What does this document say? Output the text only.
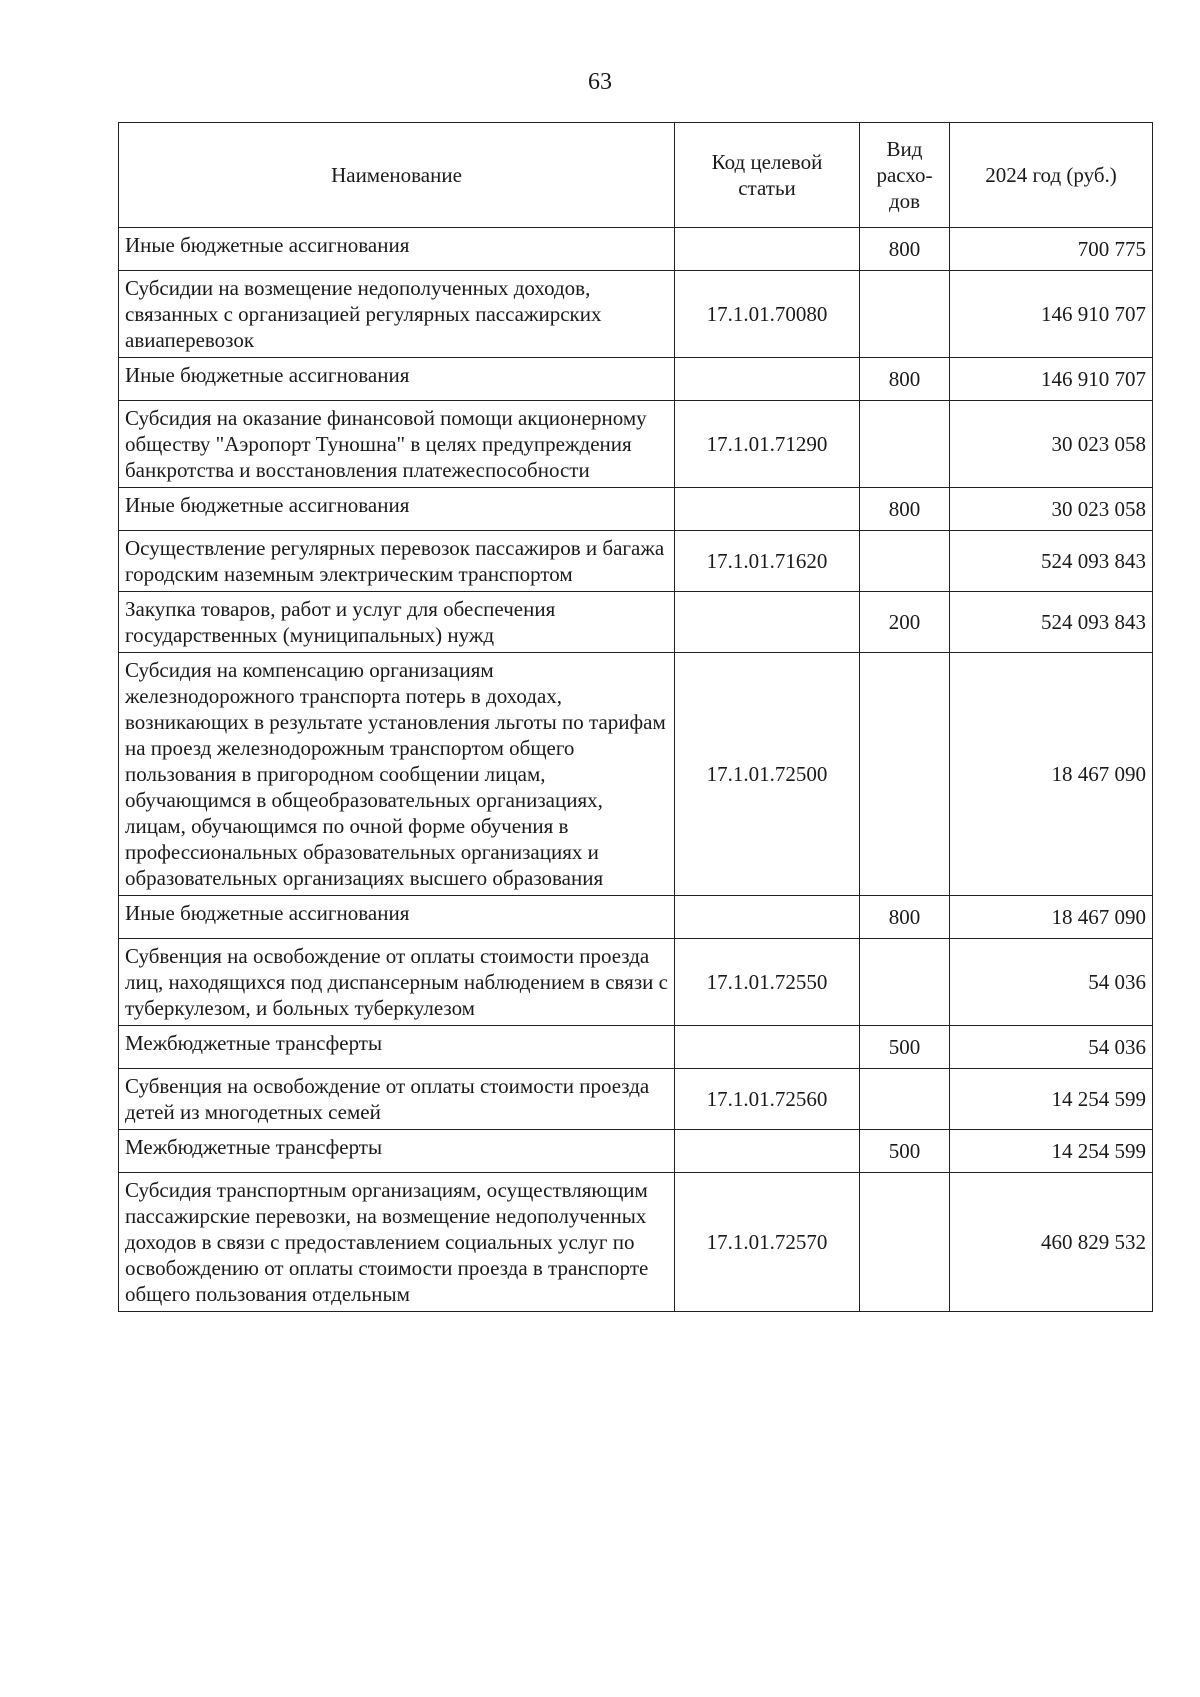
63
Наименование	Код целевой статьи	Вид расхо-дов	2024 год (руб.)
Иные бюджетные ассигнования		800	700 775
Субсидии на возмещение недополученных доходов, связанных с организацией регулярных пассажирских авиаперевозок	17.1.01.70080		146 910 707
Иные бюджетные ассигнования		800	146 910 707
Субсидия на оказание финансовой помощи акционерному обществу "Аэропорт Туношна" в целях предупреждения банкротства и восстановления платежеспособности	17.1.01.71290		30 023 058
Иные бюджетные ассигнования		800	30 023 058
Осуществление регулярных перевозок пассажиров и багажа городским наземным электрическим транспортом	17.1.01.71620		524 093 843
Закупка товаров, работ и услуг для обеспечения государственных (муниципальных) нужд		200	524 093 843
Субсидия на компенсацию организациям железнодорожного транспорта потерь в доходах, возникающих в результате установления льготы по тарифам на проезд железнодорожным транспортом общего пользования в пригородном сообщении лицам, обучающимся в общеобразовательных организациях, лицам, обучающимся по очной форме обучения в профессиональных образовательных организациях и образовательных организациях высшего образования	17.1.01.72500		18 467 090
Иные бюджетные ассигнования		800	18 467 090
Субвенция на освобождение от оплаты стоимости проезда лиц, находящихся под диспансерным наблюдением в связи с туберкулезом, и больных туберкулезом	17.1.01.72550		54 036
Межбюджетные трансферты		500	54 036
Субвенция на освобождение от оплаты стоимости проезда детей из многодетных семей	17.1.01.72560		14 254 599
Межбюджетные трансферты		500	14 254 599
Субсидия транспортным организациям, осуществляющим пассажирские перевозки, на возмещение недополученных доходов в связи с предоставлением социальных услуг по освобождению от оплаты стоимости проезда в транспорте общего пользования отдельным	17.1.01.72570		460 829 532
